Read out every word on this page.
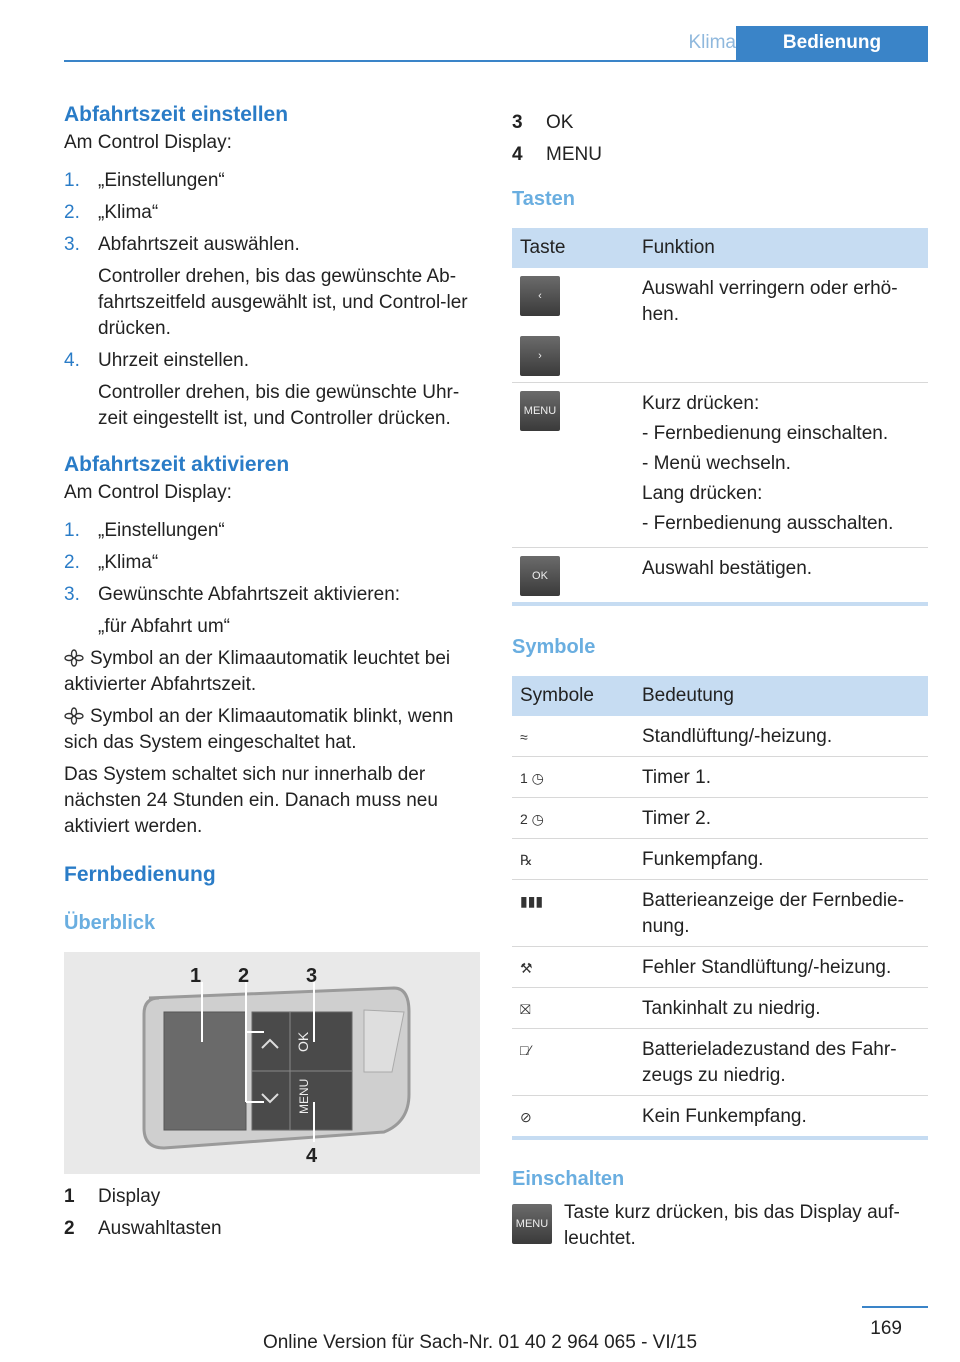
Klima	Bedienung
Abfahrtszeit einstellen
Am Control Display:
1. „Einstellungen“
2. „Klima“
3. Abfahrtszeit auswählen.
Controller drehen, bis das gewünschte Ab-fahrtszeitfeld ausgewählt ist, und Control-ler drücken.
4. Uhrzeit einstellen.
Controller drehen, bis die gewünschte Uhr-zeit eingestellt ist, und Controller drücken.
Abfahrtszeit aktivieren
Am Control Display:
1. „Einstellungen“
2. „Klima“
3. Gewünschte Abfahrtszeit aktivieren:
„für Abfahrt um“
Symbol an der Klimaautomatik leuchtet bei aktivierter Abfahrtszeit.
Symbol an der Klimaautomatik blinkt, wenn sich das System eingeschaltet hat.
Das System schaltet sich nur innerhalb der nächsten 24 Stunden ein. Danach muss neu aktiviert werden.
Fernbedienung
Überblick
OK
MENU
1 2	3
4
1 Display
2 Auswahltasten
3 OK
4 MENU
Tasten
Taste	Funktion

‹
›	Auswahl verringern oder erhö-hen.

MENU	Kurz drücken:
- Fernbedienung einschalten.
- Menü wechseln.
Lang drücken:
- Fernbedienung ausschalten.

OK	Auswahl bestätigen.
Symbole
Symbole	Bedeutung
≈	Standlüftung/-heizung.
1 ◷	Timer 1.
2 ◷	Timer 2.
℞	Funkempfang.
▮▮▮	Batterieanzeige der Fernbedie-nung.
⚒	Fehler Standlüftung/-heizung.
⛝	Tankinhalt zu niedrig.
□⁄	Batterieladezustand des Fahr-zeugs zu niedrig.
⊘	Kein Funkempfang.
Einschalten
MENU
Taste kurz drücken, bis das Display auf-leuchtet.
169
Online Version für Sach-Nr. 01 40 2 964 065 - VI/15
